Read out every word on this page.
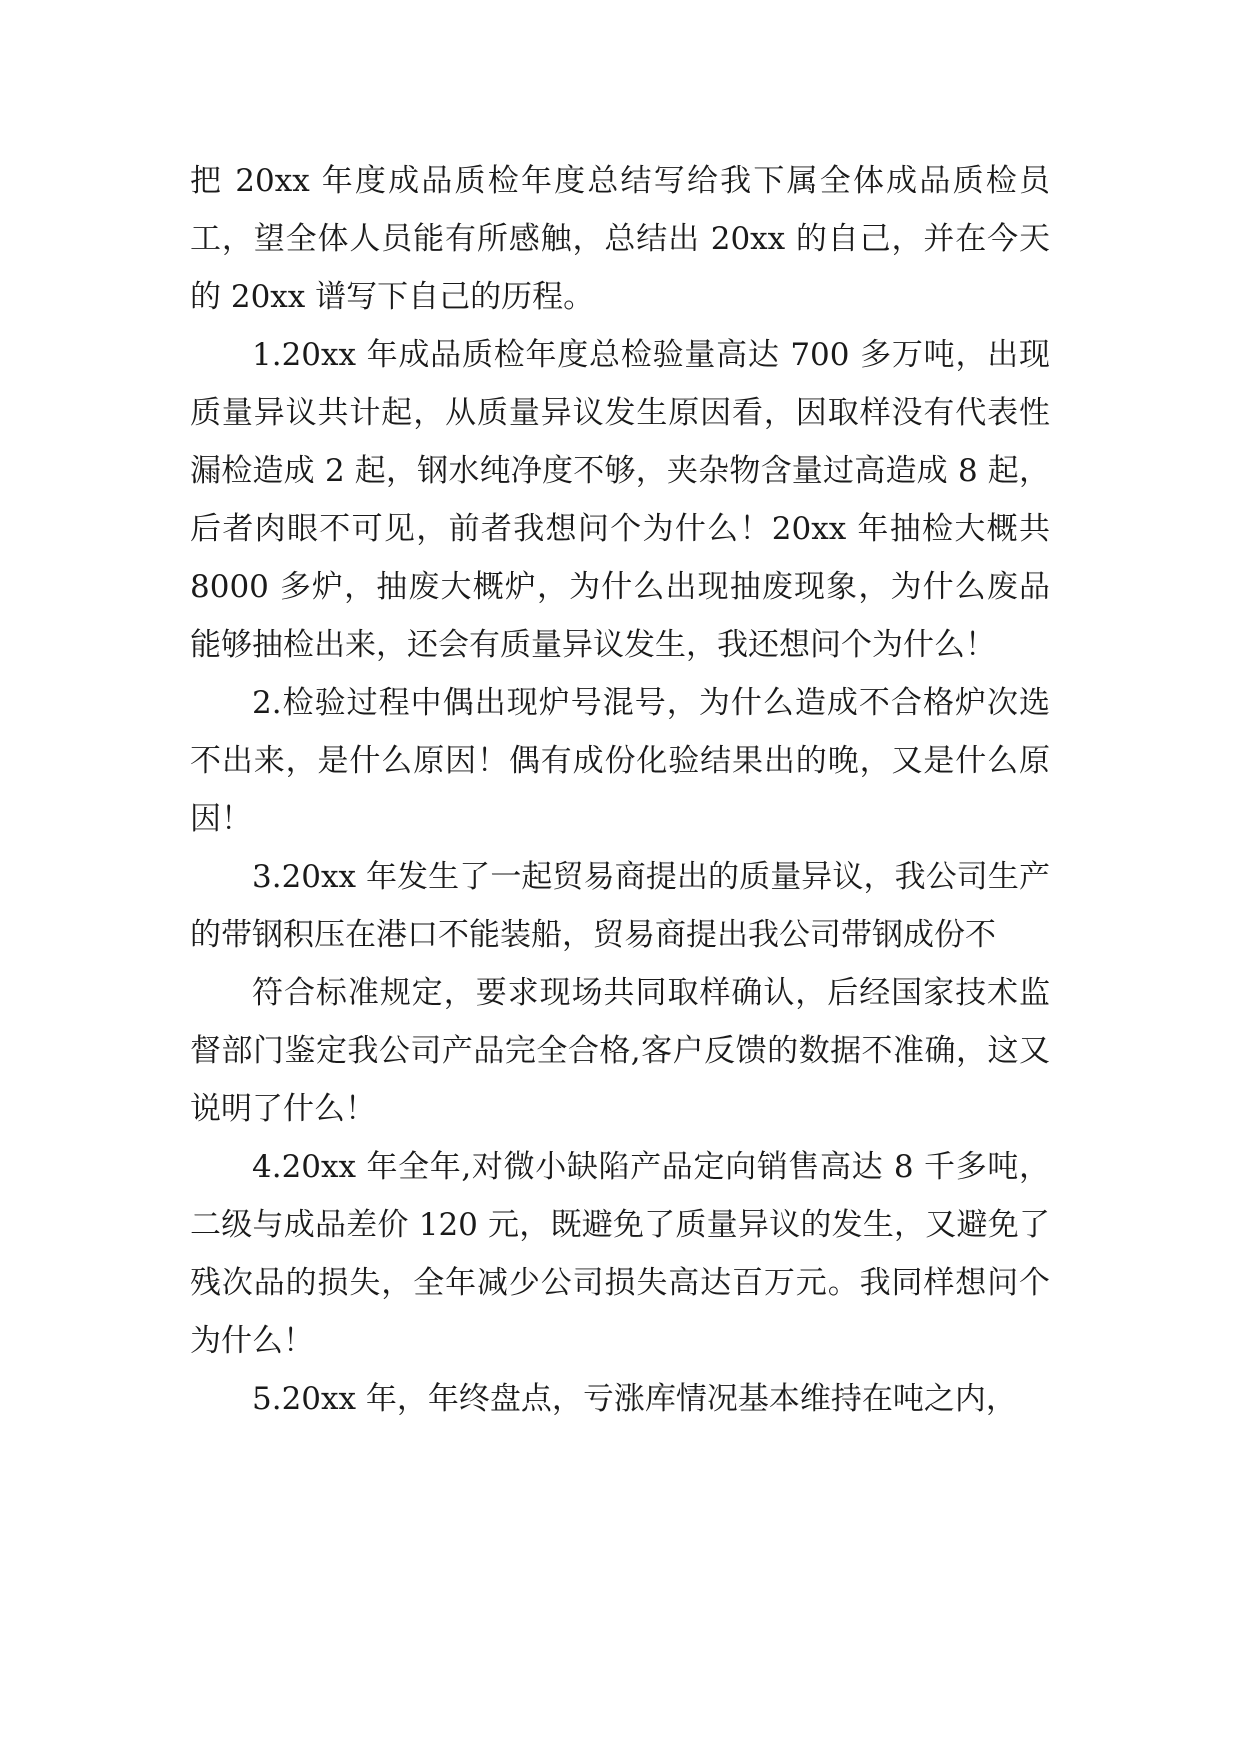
把 20xx 年度成品质检年度总结写给我下属全体成品质检员工，望全体人员能有所感触，总结出 20xx 的自己，并在今天的 20xx 谱写下自己的历程。

1.20xx 年成品质检年度总检验量高达 700 多万吨，出现质量异议共计起，从质量异议发生原因看，因取样没有代表性漏检造成 2 起，钢水纯净度不够，夹杂物含量过高造成 8 起，后者肉眼不可见，前者我想问个为什么！20xx 年抽检大概共 8000 多炉，抽废大概炉，为什么出现抽废现象，为什么废品能够抽检出来，还会有质量异议发生，我还想问个为什么！

2.检验过程中偶出现炉号混号，为什么造成不合格炉次选不出来，是什么原因！偶有成份化验结果出的晚，又是什么原因！

3.20xx 年发生了一起贸易商提出的质量异议，我公司生产的带钢积压在港口不能装船，贸易商提出我公司带钢成份不

符合标准规定，要求现场共同取样确认，后经国家技术监督部门鉴定我公司产品完全合格,客户反馈的数据不准确，这又说明了什么！

4.20xx 年全年,对微小缺陷产品定向销售高达 8 千多吨，二级与成品差价 120 元，既避免了质量异议的发生，又避免了残次品的损失，全年减少公司损失高达百万元。我同样想问个为什么！

5.20xx 年，年终盘点，亏涨库情况基本维持在吨之内，
